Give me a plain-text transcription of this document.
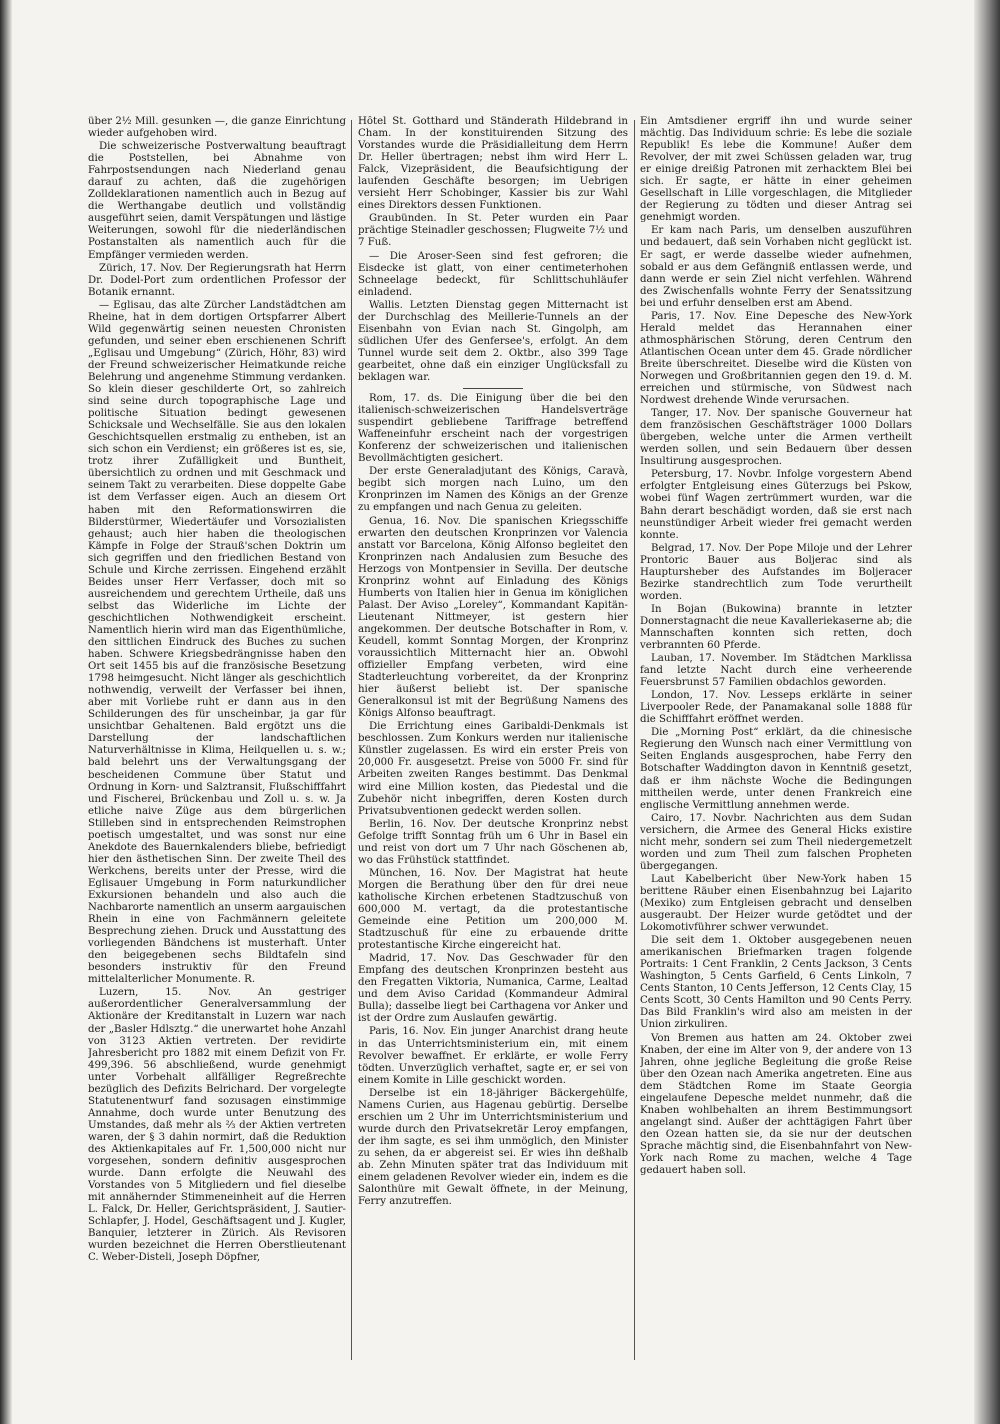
über 2½ Mill. gesunken —, die ganze Einrichtung wieder aufgehoben wird.

Die schweizerische Postverwaltung beauftragt die Poststellen, bei Abnahme von Fahrpostsendungen nach Niederland genau darauf zu achten, daß die zugehörigen Zolldeklarationen namentlich auch in Bezug auf die Werthangabe deutlich und vollständig ausgeführt seien, damit Verspätungen und lästige Weiterungen, sowohl für die niederländischen Postanstalten als namentlich auch für die Empfänger vermieden werden.

Zürich, 17. Nov. Der Regierungsrath hat Herrn Dr. Dodel-Port zum ordentlichen Professor der Botanik ernannt.

— Eglisau, das alte Zürcher Landstädtchen am Rheine, hat in dem dortigen Ortspfarrer Albert Wild gegenwärtig seinen neuesten Chronisten gefunden, und seiner eben erschienenen Schrift „Eglisau und Umgebung“ (Zürich, Höhr, 83) wird der Freund schweizerischer Heimatkunde reiche Belehrung und angenehme Stimmung verdanken. So klein dieser geschilderte Ort, so zahlreich sind seine durch topographische Lage und politische Situation bedingt gewesenen Schicksale und Wechselfälle. Sie aus den lokalen Geschichtsquellen erstmalig zu entheben, ist an sich schon ein Verdienst; ein größeres ist es, sie, trotz ihrer Zufälligkeit und Buntheit, übersichtlich zu ordnen und mit Geschmack und seinem Takt zu verarbeiten. Diese doppelte Gabe ist dem Verfasser eigen. Auch an diesem Ort haben mit den Reformationswirren die Bilderstürmer, Wiedertäufer und Vorsozialisten gehaust; auch hier haben die theologischen Kämpfe in Folge der Strauß'schen Doktrin um sich gegriffen und den friedlichen Bestand von Schule und Kirche zerrissen. Eingehend erzählt Beides unser Herr Verfasser, doch mit so ausreichendem und gerechtem Urtheile, daß uns selbst das Widerliche im Lichte der geschichtlichen Nothwendigkeit erscheint. Namentlich hierin wird man das Eigenthümliche, den sittlichen Eindruck des Buches zu suchen haben. Schwere Kriegsbedrängnisse haben den Ort seit 1455 bis auf die französische Besetzung 1798 heimgesucht. Nicht länger als geschichtlich nothwendig, verweilt der Verfasser bei ihnen, aber mit Vorliebe ruht er dann aus in den Schilderungen des für unscheinbar, ja gar für unsichtbar Gehaltenen. Bald ergötzt uns die Darstellung der landschaftlichen Naturverhältnisse in Klima, Heilquellen u. s. w.; bald belehrt uns der Verwaltungsgang der bescheidenen Commune über Statut und Ordnung in Korn- und Salztransit, Flußschifffahrt und Fischerei, Brückenbau und Zoll u. s. w. Ja etliche naive Züge aus dem bürgerlichen Stilleben sind in entsprechenden Reimstrophen poetisch umgestaltet, und was sonst nur eine Anekdote des Bauernkalenders bliebe, befriedigt hier den ästhetischen Sinn. Der zweite Theil des Werkchens, bereits unter der Presse, wird die Eglisauer Umgebung in Form naturkundlicher Exkursionen behandeln und also auch die Nachbarorte namentlich an unserm aargauischen Rhein in eine von Fachmännern geleitete Besprechung ziehen. Druck und Ausstattung des vorliegenden Bändchens ist musterhaft. Unter den beigegebenen sechs Bildtafeln sind besonders instruktiv für den Freund mittelalterlicher Monumente. R.

Luzern, 15. Nov. An gestriger außerordentlicher Generalversammlung der Aktionäre der Kreditanstalt in Luzern war nach der „Basler Hdlsztg.“ die unerwartet hohe Anzahl von 3123 Aktien vertreten. Der revidirte Jahresbericht pro 1882 mit einem Defizit von Fr. 499,396. 56 abschließend, wurde genehmigt unter Vorbehalt allfälliger Regreßrechte bezüglich des Defizits Belrichard. Der vorgelegte Statutenentwurf fand sozusagen einstimmige Annahme, doch wurde unter Benutzung des Umstandes, daß mehr als ⅔ der Aktien vertreten waren, der § 3 dahin normirt, daß die Reduktion des Aktienkapitales auf Fr. 1,500,000 nicht nur vorgesehen, sondern definitiv ausgesprochen wurde. Dann erfolgte die Neuwahl des Vorstandes von 5 Mitgliedern und fiel dieselbe mit annähernder Stimmeneinheit auf die Herren L. Falck, Dr. Heller, Gerichtspräsident, J. Sautier-Schlapfer, J. Hodel, Geschäftsagent und J. Kugler, Banquier, letzterer in Zürich. Als Revisoren wurden bezeichnet die Herren Oberstlieutenant C. Weber-Disteli, Joseph Döpfner,

Hôtel St. Gotthard und Ständerath Hildebrand in Cham. In der konstituirenden Sitzung des Vorstandes wurde die Präsidialleitung dem Herrn Dr. Heller übertragen; nebst ihm wird Herr L. Falck, Vizepräsident, die Beaufsichtigung der laufenden Geschäfte besorgen; im Uebrigen versieht Herr Schobinger, Kassier bis zur Wahl eines Direktors dessen Funktionen.

Graubünden. In St. Peter wurden ein Paar prächtige Steinadler geschossen; Flugweite 7½ und 7 Fuß.

— Die Aroser-Seen sind fest gefroren; die Eisdecke ist glatt, von einer centimeterhohen Schneelage bedeckt, für Schlittschuhläufer einladend.

Wallis. Letzten Dienstag gegen Mitternacht ist der Durchschlag des Meillerie-Tunnels an der Eisenbahn von Evian nach St. Gingolph, am südlichen Ufer des Genfersee's, erfolgt. An dem Tunnel wurde seit dem 2. Oktbr., also 399 Tage gearbeitet, ohne daß ein einziger Unglücksfall zu beklagen war.

Rom, 17. ds. Die Einigung über die bei den italienisch-schweizerischen Handelsverträge suspendirt gebliebene Tariffrage betreffend Waffeneinfuhr erscheint nach der vorgestrigen Konferenz der schweizerischen und italienischen Bevollmächtigten gesichert.

Der erste Generaladjutant des Königs, Caravà, begibt sich morgen nach Luino, um den Kronprinzen im Namen des Königs an der Grenze zu empfangen und nach Genua zu geleiten.

Genua, 16. Nov. Die spanischen Kriegsschiffe erwarten den deutschen Kronprinzen vor Valencia anstatt vor Barcelona, König Alfonso begleitet den Kronprinzen nach Andalusien zum Besuche des Herzogs von Montpensier in Sevilla. Der deutsche Kronprinz wohnt auf Einladung des Königs Humberts von Italien hier in Genua im königlichen Palast. Der Aviso „Loreley“, Kommandant Kapitän-Lieutenant Nittmeyer, ist gestern hier angekommen. Der deutsche Botschafter in Rom, v. Keudell, kommt Sonntag Morgen, der Kronprinz voraussichtlich Mitternacht hier an. Obwohl offizieller Empfang verbeten, wird eine Stadterleuchtung vorbereitet, da der Kronprinz hier äußerst beliebt ist. Der spanische Generalkonsul ist mit der Begrüßung Namens des Königs Alfonso beauftragt.

Die Errichtung eines Garibaldi-Denkmals ist beschlossen. Zum Konkurs werden nur italienische Künstler zugelassen. Es wird ein erster Preis von 20,000 Fr. ausgesetzt. Preise von 5000 Fr. sind für Arbeiten zweiten Ranges bestimmt. Das Denkmal wird eine Million kosten, das Piedestal und die Zubehör nicht inbegriffen, deren Kosten durch Privatsubventionen gedeckt werden sollen.

Berlin, 16. Nov. Der deutsche Kronprinz nebst Gefolge trifft Sonntag früh um 6 Uhr in Basel ein und reist von dort um 7 Uhr nach Göschenen ab, wo das Frühstück stattfindet.

München, 16. Nov. Der Magistrat hat heute Morgen die Berathung über den für drei neue katholische Kirchen erbetenen Stadtzuschuß von 600,000 M. vertagt, da die protestantische Gemeinde eine Petition um 200,000 M. Stadtzuschuß für eine zu erbauende dritte protestantische Kirche eingereicht hat.

Madrid, 17. Nov. Das Geschwader für den Empfang des deutschen Kronprinzen besteht aus den Fregatten Viktoria, Numanica, Carme, Lealtad und dem Aviso Caridad (Kommandeur Admiral Bulla); dasselbe liegt bei Carthagena vor Anker und ist der Ordre zum Auslaufen gewärtig.

Paris, 16. Nov. Ein junger Anarchist drang heute in das Unterrichtsministerium ein, mit einem Revolver bewaffnet. Er erklärte, er wolle Ferry tödten. Unverzüglich verhaftet, sagte er, er sei von einem Komite in Lille geschickt worden.

Derselbe ist ein 18-jähriger Bäckergehülfe, Namens Curien, aus Hagenau gebürtig. Derselbe erschien um 2 Uhr im Unterrichtsministerium und wurde durch den Privatsekretär Leroy empfangen, der ihm sagte, es sei ihm unmöglich, den Minister zu sehen, da er abgereist sei. Er wies ihn deßhalb ab. Zehn Minuten später trat das Individuum mit einem geladenen Revolver wieder ein, indem es die Salonthüre mit Gewalt öffnete, in der Meinung, Ferry anzutreffen.

Ein Amtsdiener ergriff ihn und wurde seiner mächtig. Das Individuum schrie: Es lebe die soziale Republik! Es lebe die Kommune! Außer dem Revolver, der mit zwei Schüssen geladen war, trug er einige dreißig Patronen mit zerhacktem Blei bei sich. Er sagte, er hätte in einer geheimen Gesellschaft in Lille vorgeschlagen, die Mitglieder der Regierung zu tödten und dieser Antrag sei genehmigt worden.

Er kam nach Paris, um denselben auszuführen und bedauert, daß sein Vorhaben nicht geglückt ist. Er sagt, er werde dasselbe wieder aufnehmen, sobald er aus dem Gefängniß entlassen werde, und dann werde er sein Ziel nicht verfehlen. Während des Zwischenfalls wohnte Ferry der Senatssitzung bei und erfuhr denselben erst am Abend.

Paris, 17. Nov. Eine Depesche des New-York Herald meldet das Herannahen einer athmosphärischen Störung, deren Centrum den Atlantischen Ocean unter dem 45. Grade nördlicher Breite überschreitet. Dieselbe wird die Küsten von Norwegen und Großbritannien gegen den 19. d. M. erreichen und stürmische, von Südwest nach Nordwest drehende Winde verursachen.

Tanger, 17. Nov. Der spanische Gouverneur hat dem französischen Geschäftsträger 1000 Dollars übergeben, welche unter die Armen vertheilt werden sollen, und sein Bedauern über dessen Insultirung ausgesprochen.

Petersburg, 17. Novbr. Infolge vorgestern Abend erfolgter Entgleisung eines Güterzugs bei Pskow, wobei fünf Wagen zertrümmert wurden, war die Bahn derart beschädigt worden, daß sie erst nach neunstündiger Arbeit wieder frei gemacht werden konnte.

Belgrad, 17. Nov. Der Pope Miloje und der Lehrer Prontoric Bauer aus Boljerac sind als Hauptursheber des Aufstandes im Boljeracer Bezirke standrechtlich zum Tode verurtheilt worden.

In Bojan (Bukowina) brannte in letzter Donnerstagnacht die neue Kavalleriekaserne ab; die Mannschaften konnten sich retten, doch verbrannten 60 Pferde.

Lauban, 17. November. Im Städtchen Marklissa fand letzte Nacht durch eine verheerende Feuersbrunst 57 Familien obdachlos geworden.

London, 17. Nov. Lesseps erklärte in seiner Liverpooler Rede, der Panamakanal solle 1888 für die Schifffahrt eröffnet werden.

Die „Morning Post“ erklärt, da die chinesische Regierung den Wunsch nach einer Vermittlung von Seiten Englands ausgesprochen, habe Ferry den Botschafter Waddington davon in Kenntniß gesetzt, daß er ihm nächste Woche die Bedingungen mittheilen werde, unter denen Frankreich eine englische Vermittlung annehmen werde.

Cairo, 17. Novbr. Nachrichten aus dem Sudan versichern, die Armee des General Hicks existire nicht mehr, sondern sei zum Theil niedergemetzelt worden und zum Theil zum falschen Propheten übergegangen.

Laut Kabelbericht über New-York haben 15 berittene Räuber einen Eisenbahnzug bei Lajarito (Mexiko) zum Entgleisen gebracht und denselben ausgeraubt. Der Heizer wurde getödtet und der Lokomotivführer schwer verwundet.

Die seit dem 1. Oktober ausgegebenen neuen amerikanischen Briefmarken tragen folgende Portraits: 1 Cent Franklin, 2 Cents Jackson, 3 Cents Washington, 5 Cents Garfield, 6 Cents Linkoln, 7 Cents Stanton, 10 Cents Jefferson, 12 Cents Clay, 15 Cents Scott, 30 Cents Hamilton und 90 Cents Perry. Das Bild Franklin's wird also am meisten in der Union zirkuliren.

Von Bremen aus hatten am 24. Oktober zwei Knaben, der eine im Alter von 9, der andere von 13 Jahren, ohne jegliche Begleitung die große Reise über den Ozean nach Amerika angetreten. Eine aus dem Städtchen Rome im Staate Georgia eingelaufene Depesche meldet nunmehr, daß die Knaben wohlbehalten an ihrem Bestimmungsort angelangt sind. Außer der achttägigen Fahrt über den Ozean hatten sie, da sie nur der deutschen Sprache mächtig sind, die Eisenbahnfahrt von New-York nach Rome zu machen, welche 4 Tage gedauert haben soll.
